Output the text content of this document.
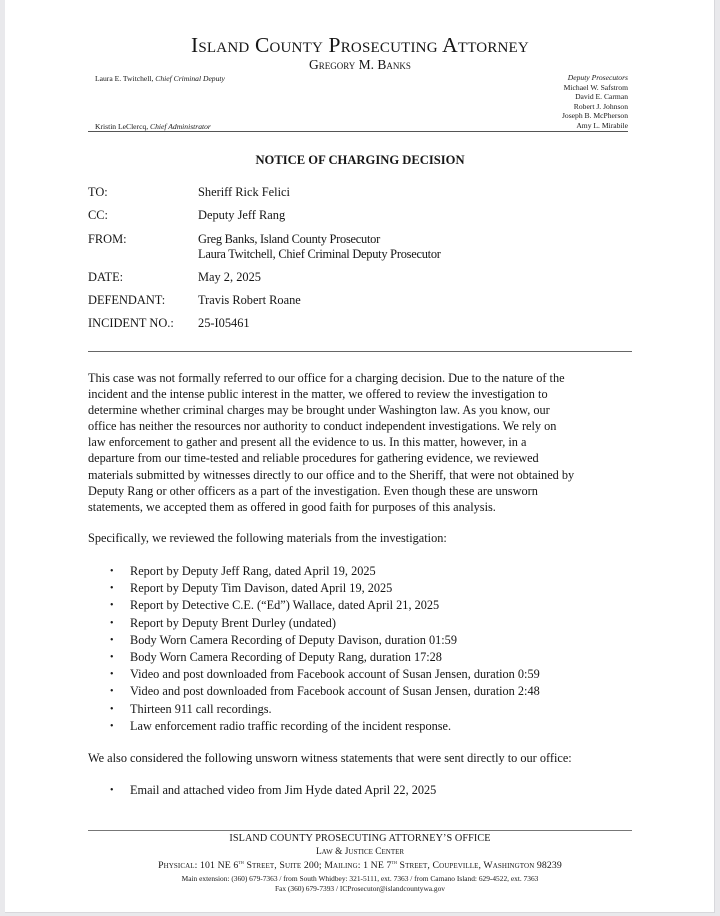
Island County Prosecuting Attorney
Gregory M. Banks
Laura E. Twitchell, Chief Criminal Deputy
Kristin LeClercq, Chief Administrator
Deputy Prosecutors
Michael W. Safstrom
David E. Carman
Robert J. Johnson
Joseph B. McPherson
Amy L. Mirabile
NOTICE OF CHARGING DECISION
TO:	Sheriff Rick Felici
CC:	Deputy Jeff Rang
FROM:	Greg Banks, Island County Prosecutor
Laura Twitchell, Chief Criminal Deputy Prosecutor
DATE:	May 2, 2025
DEFENDANT:	Travis Robert Roane
INCIDENT NO.: 25-I05461
This case was not formally referred to our office for a charging decision. Due to the nature of the
incident and the intense public interest in the matter, we offered to review the investigation to
determine whether criminal charges may be brought under Washington law. As you know, our
office has neither the resources nor authority to conduct independent investigations. We rely on
law enforcement to gather and present all the evidence to us. In this matter, however, in a
departure from our time-tested and reliable procedures for gathering evidence, we reviewed
materials submitted by witnesses directly to our office and to the Sheriff, that were not obtained by
Deputy Rang or other officers as a part of the investigation. Even though these are unsworn
statements, we accepted them as offered in good faith for purposes of this analysis.
Specifically, we reviewed the following materials from the investigation:
• Report by Deputy Jeff Rang, dated April 19, 2025
• Report by Deputy Tim Davison, dated April 19, 2025
• Report by Detective C.E. (“Ed”) Wallace, dated April 21, 2025
• Report by Deputy Brent Durley (undated)
• Body Worn Camera Recording of Deputy Davison, duration 01:59
• Body Worn Camera Recording of Deputy Rang, duration 17:28
• Video and post downloaded from Facebook account of Susan Jensen, duration 0:59
• Video and post downloaded from Facebook account of Susan Jensen, duration 2:48
• Thirteen 911 call recordings.
• Law enforcement radio traffic recording of the incident response.
We also considered the following unsworn witness statements that were sent directly to our office:
• Email and attached video from Jim Hyde dated April 22, 2025
ISLAND COUNTY PROSECUTING ATTORNEY’S OFFICE
Law & Justice Center
Physical: 101 NE 6th Street, Suite 200; Mailing: 1 NE 7th Street, Coupeville, Washington 98239
Main extension: (360) 679-7363 / from South Whidbey: 321-5111, ext. 7363 / from Camano Island: 629-4522, ext. 7363
Fax (360) 679-7393 / ICProsecutor@islandcountywa.gov
